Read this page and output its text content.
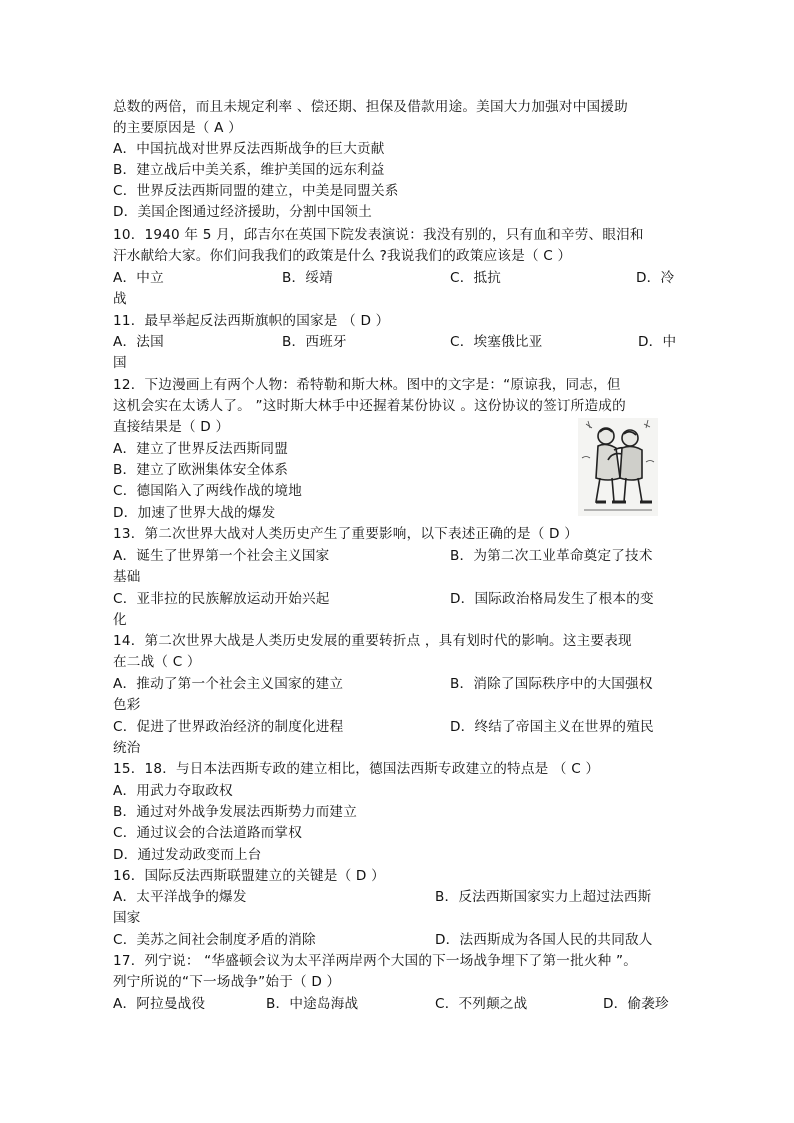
总数的两倍，而且未规定利率 、偿还期、担保及借款用途。美国大力加强对中国援助
的主要原因是（ A ）
A．中国抗战对世界反法西斯战争的巨大贡献
B．建立战后中美关系，维护美国的远东利益
C．世界反法西斯同盟的建立，中美是同盟关系
D．美国企图通过经济援助，分割中国领土
10．1940 年 5 月，邱吉尔在英国下院发表演说：我没有别的，只有血和辛劳、眼泪和
汗水献给大家。你们问我我们的政策是什么 ?我说我们的政策应该是（ C ）
A．中立	B．绥靖	C．抵抗	D．冷
战
11．最早举起反法西斯旗帜的国家是 （ D ）
A．法国	B．西班牙	C．埃塞俄比亚	D．中
国
12．下边漫画上有两个人物：希特勒和斯大林。图中的文字是：“原谅我，同志，但
这机会实在太诱人了。 ”这时斯大林手中还握着某份协议 。这份协议的签订所造成的
直接结果是（ D ）
A．建立了世界反法西斯同盟
B．建立了欧洲集体安全体系
C．德国陷入了两线作战的境地
D．加速了世界大战的爆发
13．第二次世界大战对人类历史产生了重要影响，以下表述正确的是（ D ）
A．诞生了世界第一个社会主义国家	B．为第二次工业革命奠定了技术
基础
C．亚非拉的民族解放运动开始兴起	D．国际政治格局发生了根本的变
化
14．第二次世界大战是人类历史发展的重要转折点 ，具有划时代的影响。这主要表现
在二战（ C ）
A．推动了第一个社会主义国家的建立	B．消除了国际秩序中的大国强权
色彩
C．促进了世界政治经济的制度化进程	D．终结了帝国主义在世界的殖民
统治
15．18．与日本法西斯专政的建立相比，德国法西斯专政建立的特点是 （ C ）
A．用武力夺取政权
B．通过对外战争发展法西斯势力而建立
C．通过议会的合法道路而掌权
D．通过发动政变而上台
16．国际反法西斯联盟建立的关键是（ D ）
A．太平洋战争的爆发	B．反法西斯国家实力上超过法西斯
国家
C．美苏之间社会制度矛盾的消除	D．法西斯成为各国人民的共同敌人
17．列宁说： “华盛顿会议为太平洋两岸两个大国的下一场战争埋下了第一批火种 ”。
列宁所说的“下一场战争”始于（ D ）
A．阿拉曼战役	B．中途岛海战	C．不列颠之战	D．偷袭珍
